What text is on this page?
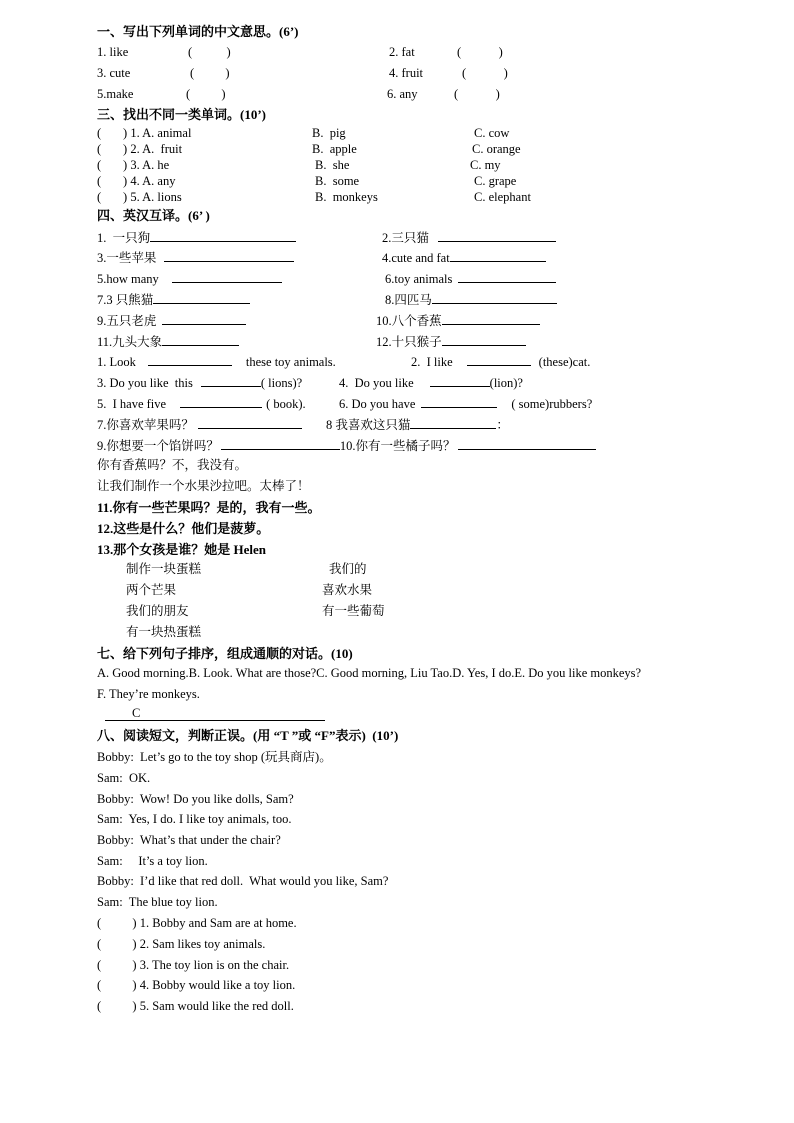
一、写出下列单词的中文意思。(6’)
1. like	(           )	2. fat	(            )
3. cute	(          )	4. fruit	(            )
5.make	(          )	6. any	(            )
三、找出不同一类单词。(10’)
(       ) 1. A. animal	B.  pig	C. cow
(       ) 2. A.  fruit	B.  apple	C. orange
(       ) 3. A. he	B.  she	C. my
(       ) 4. A. any	B.  some	C. grape
(       ) 5. A. lions	B.  monkeys	C. elephant
四、英汉互译。(6’ )
1.  一只狗	2.三只猫
3.一些苹果	4.cute and fat
5.how many	6.toy animals
7.3 只熊猫	8.四匹马
9.五只老虎	10.八个香蕉
11.九头大象	12.十只猴子
1. Look	these toy animals.	2.  I like	(these)cat.
3. Do you like  this	( lions)?	4.  Do you like	(lion)?
5.  I have five	( book).	6. Do you have	( some)rubbers?
7.你喜欢苹果吗？	8 我喜欢这只猫	：
9.你想要一个馅饼吗？	10.你有一些橘子吗？
你有香蕉吗？不，我没有。
让我们制作一个水果沙拉吧。太棒了！
11.你有一些芒果吗？是的，我有一些。
12.这些是什么？他们是菠萝。
13.那个女孩是谁？她是 Helen
制作一块蛋糕	我们的
两个芒果	喜欢水果
我们的朋友	有一些葡萄
有一块热蛋糕
七、给下列句子排序，组成通顺的对话。(10)
A. Good morning.B. Look. What are those?C. Good morning, Liu Tao.D. Yes, I do.E. Do you like monkeys?
F. They’re monkeys.
C
八、阅读短文，判断正误。(用 “T ”或 “F”表示)  (10’)
Bobby:  Let’s go to the toy shop (玩具商店)。
Sam:  OK.
Bobby:  Wow! Do you like dolls, Sam?
Sam:  Yes, I do. I like toy animals, too.
Bobby:  What’s that under the chair?
Sam:     It’s a toy lion.
Bobby:  I’d like that red doll.  What would you like, Sam?
Sam:  The blue toy lion.
(          ) 1. Bobby and Sam are at home.
(          ) 2. Sam likes toy animals.
(          ) 3. The toy lion is on the chair.
(          ) 4. Bobby would like a toy lion.
(          ) 5. Sam would like the red doll.
